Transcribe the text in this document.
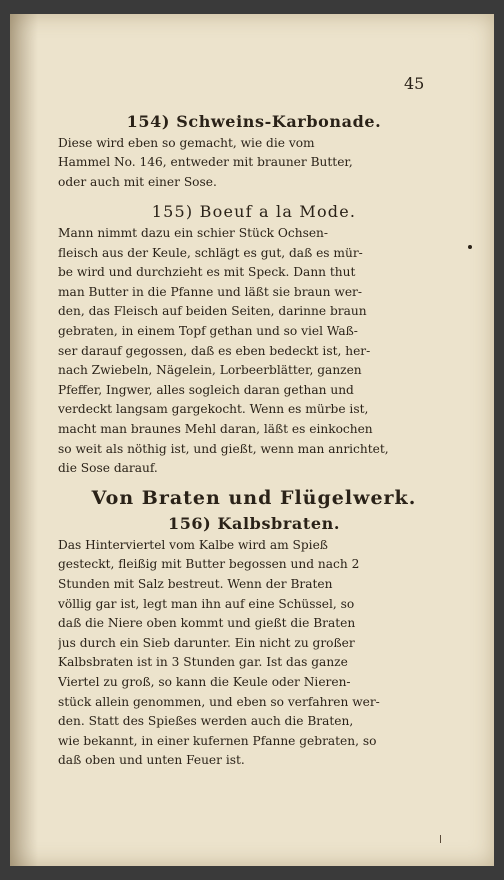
45
154) Schweins-Karbonade.
Diese wird eben so gemacht, wie die vom
Hammel No. 146, entweder mit brauner Butter,
oder auch mit einer Sose.
155) Boeuf a la Mode.
Mann nimmt dazu ein schier Stück Ochsen-
fleisch aus der Keule, schlägt es gut, daß es mür-
be wird und durchzieht es mit Speck. Dann thut
man Butter in die Pfanne und läßt sie braun wer-
den, das Fleisch auf beiden Seiten, darinne braun
gebraten, in einem Topf gethan und so viel Waß-
ser darauf gegossen, daß es eben bedeckt ist, her-
nach Zwiebeln, Nägelein, Lorbeerblätter, ganzen
Pfeffer, Ingwer, alles sogleich daran gethan und
verdeckt langsam gargekocht. Wenn es mürbe ist,
macht man braunes Mehl daran, läßt es einkochen
so weit als nöthig ist, und gießt, wenn man anrichtet,
die Sose darauf.
Von Braten und Flügelwerk.
156) Kalbsbraten.
Das Hinterviertel vom Kalbe wird am Spieß
gesteckt, fleißig mit Butter begossen und nach 2
Stunden mit Salz bestreut. Wenn der Braten
völlig gar ist, legt man ihn auf eine Schüssel, so
daß die Niere oben kommt und gießt die Braten
jus durch ein Sieb darunter. Ein nicht zu großer
Kalbsbraten ist in 3 Stunden gar. Ist das ganze
Viertel zu groß, so kann die Keule oder Nieren-
stück allein genommen, und eben so verfahren wer-
den. Statt des Spießes werden auch die Braten,
wie bekannt, in einer kufernen Pfanne gebraten, so
daß oben und unten Feuer ist.
